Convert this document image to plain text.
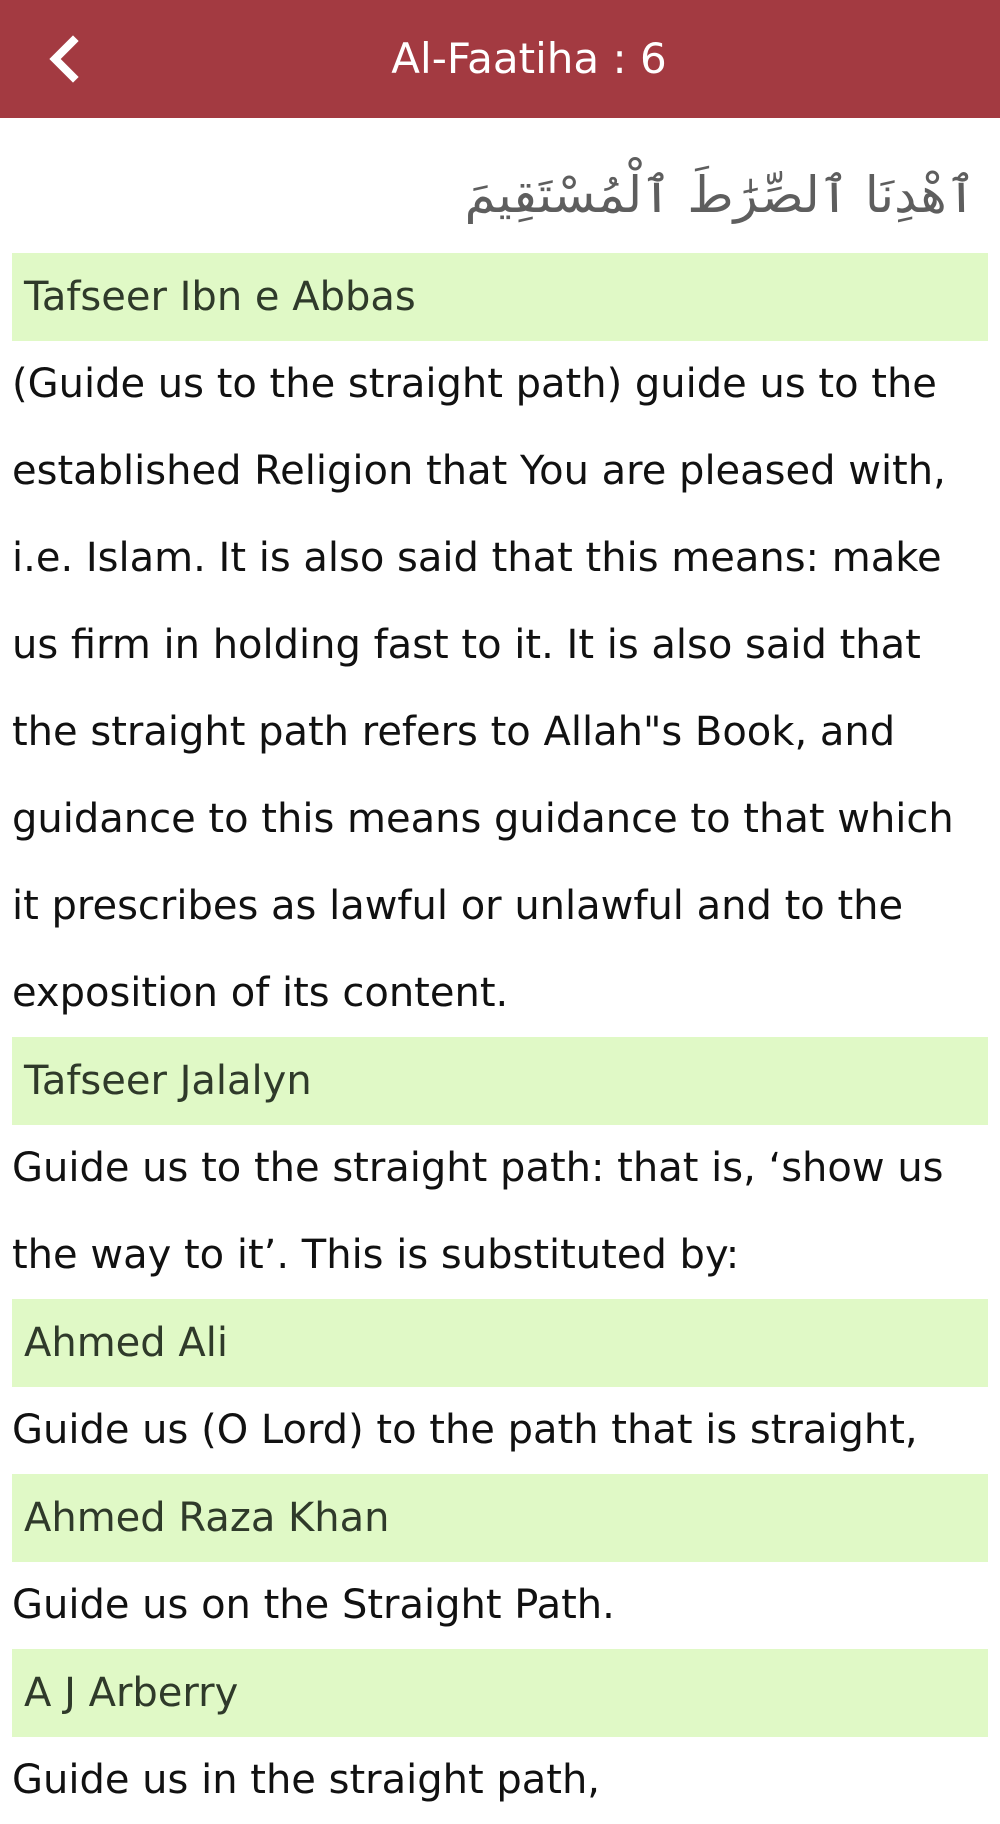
Al-Faatiha : 6
ٱهْدِنَا ٱلصِّرَٰطَ ٱلْمُسْتَقِيمَ
Tafseer Ibn e Abbas
(Guide us to the straight path) guide us to the established Religion that You are pleased with, i.e. Islam. It is also said that this means: make us firm in holding fast to it. It is also said that the straight path refers to Allah"s Book, and guidance to this means guidance to that which it prescribes as lawful or unlawful and to the exposition of its content.
Tafseer Jalalyn
Guide us to the straight path: that is, ‘show us the way to it’. This is substituted by:
Ahmed Ali
Guide us (O Lord) to the path that is straight,
Ahmed Raza Khan
Guide us on the Straight Path.
A J Arberry
Guide us in the straight path,
